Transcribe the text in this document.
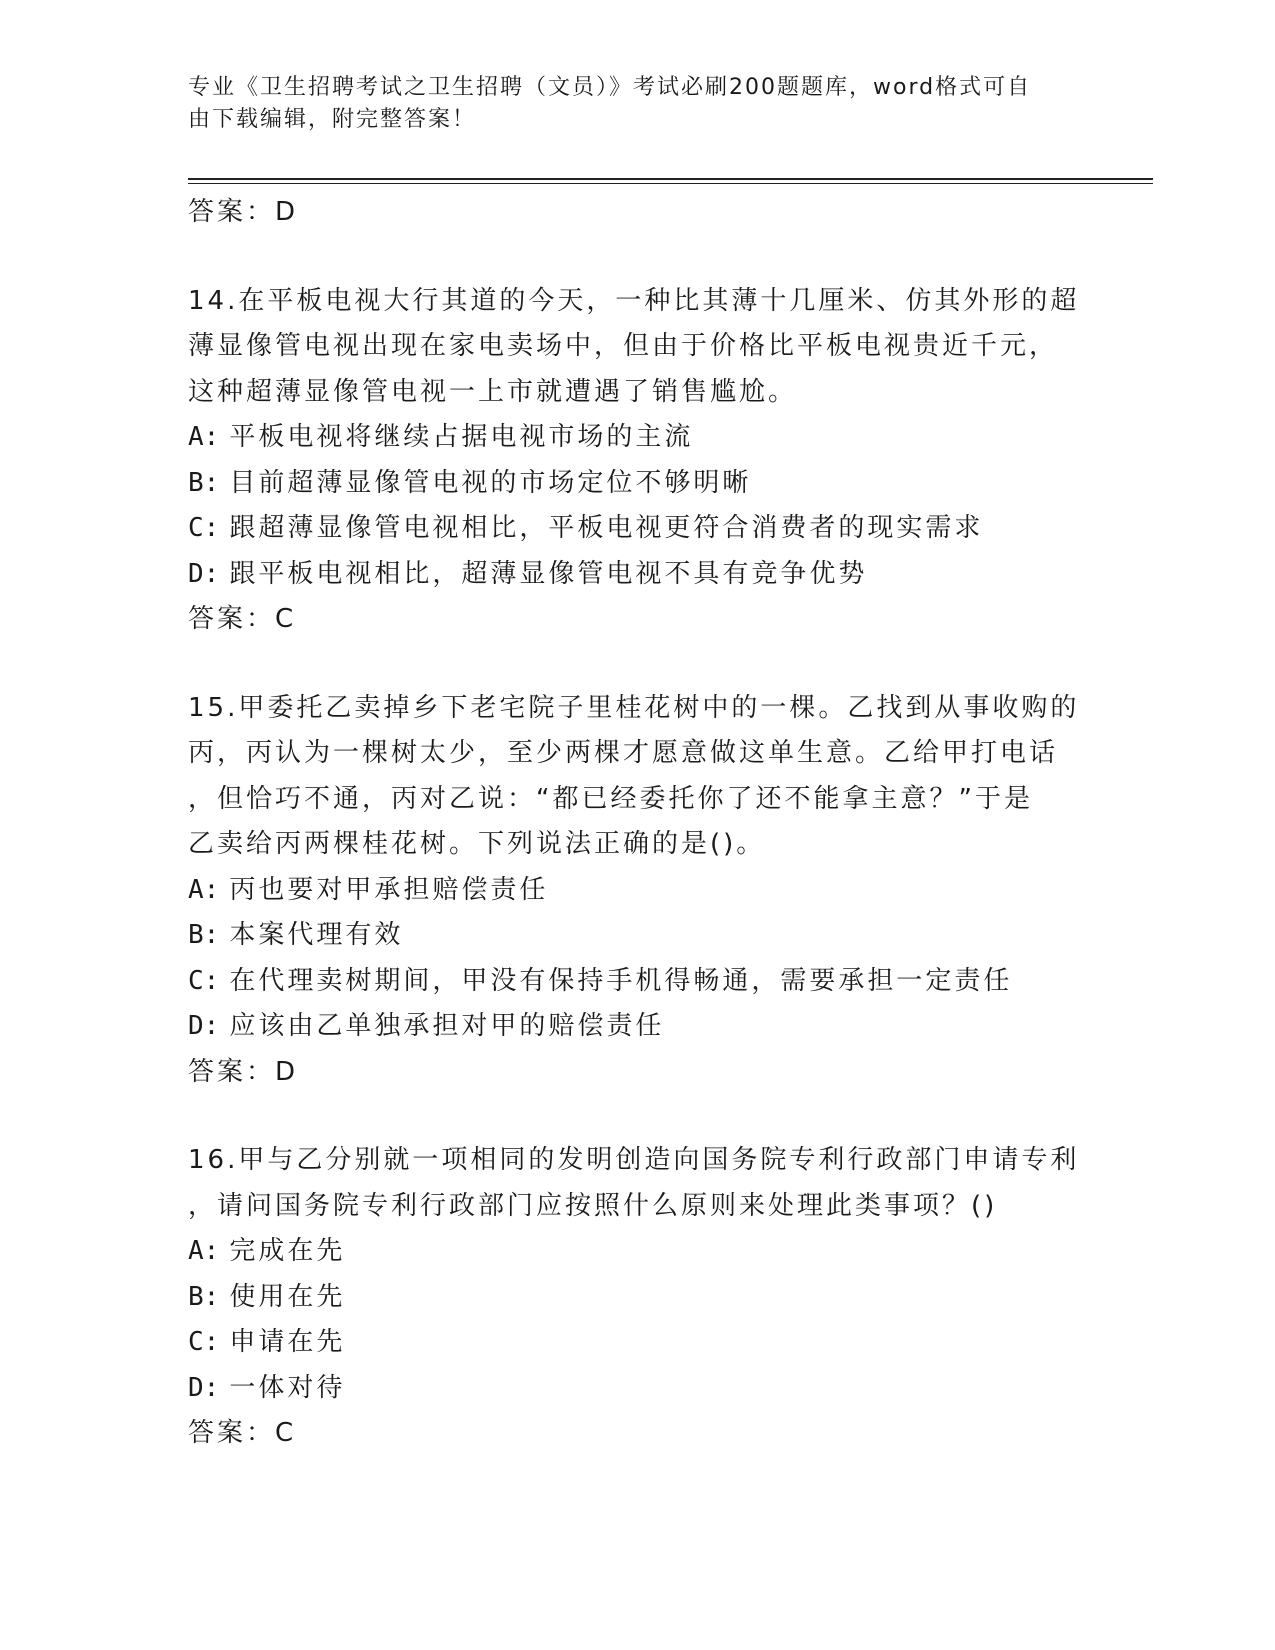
专业《卫生招聘考试之卫生招聘（文员）》考试必刷200题题库，word格式可自
由下载编辑，附完整答案！
答案：D
14.在平板电视大行其道的今天，一种比其薄十几厘米、仿其外形的超
薄显像管电视出现在家电卖场中，但由于价格比平板电视贵近千元，
这种超薄显像管电视一上市就遭遇了销售尴尬。
A: 平板电视将继续占据电视市场的主流
B: 目前超薄显像管电视的市场定位不够明晰
C: 跟超薄显像管电视相比，平板电视更符合消费者的现实需求
D: 跟平板电视相比，超薄显像管电视不具有竞争优势
答案：C
15.甲委托乙卖掉乡下老宅院子里桂花树中的一棵。乙找到从事收购的
丙，丙认为一棵树太少，至少两棵才愿意做这单生意。乙给甲打电话
，但恰巧不通，丙对乙说：“都已经委托你了还不能拿主意？”于是
乙卖给丙两棵桂花树。下列说法正确的是()。
A: 丙也要对甲承担赔偿责任
B: 本案代理有效
C: 在代理卖树期间，甲没有保持手机得畅通，需要承担一定责任
D: 应该由乙单独承担对甲的赔偿责任
答案：D
16.甲与乙分别就一项相同的发明创造向国务院专利行政部门申请专利
，请问国务院专利行政部门应按照什么原则来处理此类事项？()
A: 完成在先
B: 使用在先
C: 申请在先
D: 一体对待
答案：C
